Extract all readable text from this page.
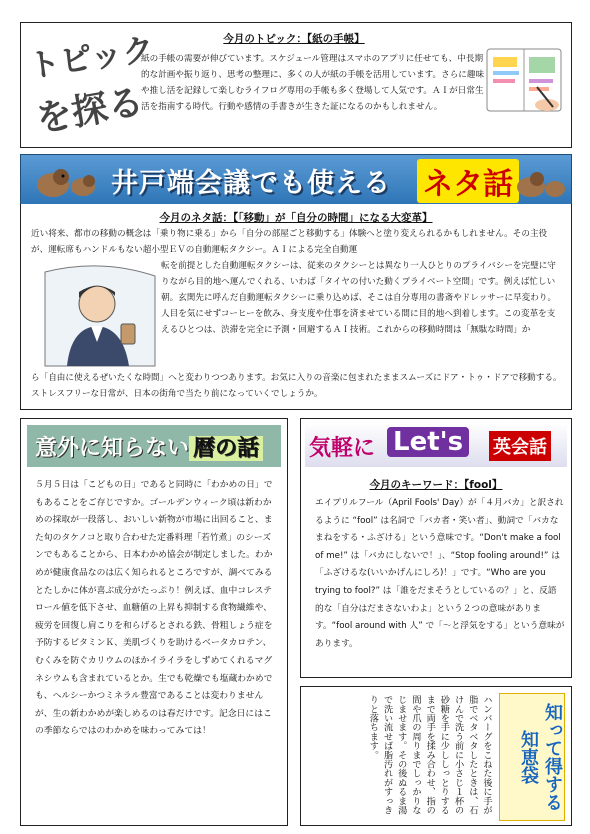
トピック
を探る
今月のトピック：【紙の手帳】
紙の手帳の需要が伸びています。スケジュール管理はスマホのアプリに任せても、中長期的な計画や振り返り、思考の整理に、多くの人が紙の手帳を活用しています。さらに趣味や推し活を記録して楽しむライフログ専用の手帳も多く登場して人気です。ＡＩが日常生活を指南する時代。行動や感情の手書きが生きた証になるのかもしれません。
井戸端会議でも使える ネタ話
今月のネタ話：【「移動」が「自分の時間」になる大変革】
近い将来、都市の移動の概念は「乗り物に乗る」から「自分の部屋ごと移動する」体験へと塗り変えられるかもしれません。その主役が、運転席もハンドルもない超小型ＥＶの自動運転タクシー。ＡＩによる完全自動運
転を前提とした自動運転タクシーは、従来のタクシーとは異なり一人ひとりのプライバシーを完璧に守りながら目的地へ運んでくれる、いわば「タイヤの付いた動くプライベート空間」です。例えば忙しい朝。玄関先に呼んだ自動運転タクシーに乗り込めば、そこは自分専用の書斎やドレッサーに早変わり。人目を気にせずコーヒーを飲み、身支度や仕事を済ませている間に目的地へ到着します。この変革を支えるひとつは、渋滞を完全に予測・回避するＡＩ技術。これからの移動時間は「無駄な時間」か
ら「自由に使えるぜいたくな時間」へと変わりつつあります。お気に入りの音楽に包まれたままスムーズにドア・トゥ・ドアで移動する。ストレスフリーな日常が、日本の街角で当たり前になっていくでしょうか。
意外に知らない 暦の話
５月５日は「こどもの日」であると同時に「わかめの日」でもあることをご存じですか。ゴールデンウィーク頃は新わかめの採取が一段落し、おいしい新物が市場に出回ること、また旬のタケノコと取り合わせた定番料理「若竹煮」のシーズンでもあることから、日本わかめ協会が制定しました。わかめが健康食品なのは広く知られるところですが、調べてみるとたしかに体が喜ぶ成分がたっぷり！例えば、血中コレステロール値を低下させ、血糖値の上昇も抑制する食物繊維や、疲労を回復し肩こりを和らげるとされる鉄、骨粗しょう症を予防するビタミンＫ、美肌づくりを助けるベータカロテン、むくみを防ぐカリウムのほかイライラをしずめてくれるマグネシウムも含まれているとか。生でも乾燥でも塩蔵わかめでも、ヘルシーかつミネラル豊富であることは変わりませんが、生の新わかめが楽しめるのは春だけです。記念日にはこの季節ならではのわかめを味わってみては！
気軽に Let's	英会話
今月のキーワード：【fool】
エイプリルフール（April Fools' Day）が「４月バカ」と訳されるように “fool” は名詞で「バカ者・笑い者」、動詞で「バカなまねをする・ふざける」という意味です。“Don't make a fool of me!” は「バカにしないで！」、“Stop fooling around!” は「ふざけるな(いいかげんにしろ)！」です。“Who are you trying to fool?” は「誰をだまそうとしているの？」と、反語的な「自分はだまさないわよ」という２つの意味があります。“fool around with 人” で「～と浮気をする」という意味があります。
ハンバーグをこねた後に手が脂でベタベタしたときは、石けんで洗う前に小さじ１杯の砂糖を手に少ししっとりするまで両手を揉み合わせ、指の間や爪の周りまでしっかりなじませます。その後ぬるま湯で洗い流せば脂汚れがすっきりと落ちます。	知って得する知恵袋
